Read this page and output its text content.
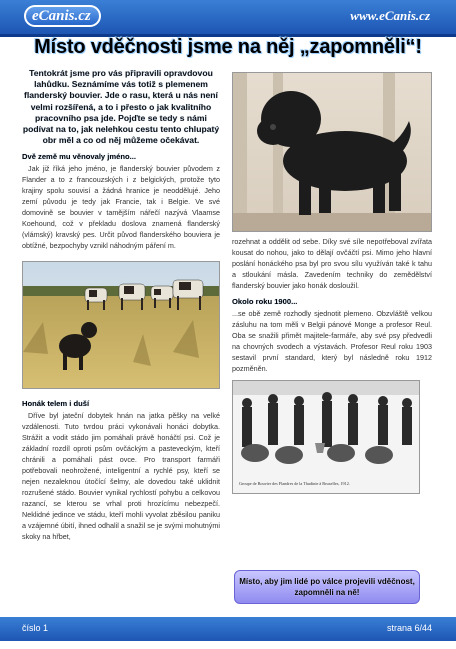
eCanis.cz	www.eCanis.cz
Místo vděčnosti jsme na něj „zapomněli“!
Tentokrát jsme pro vás připravili opravdovou lahůdku. Seznámíme vás totiž s plemenem flanderský bouvier. Jde o rasu, která u nás není velmi rozšířená, a to i přesto o jak kvalitního pracovního psa jde. Pojďte se tedy s námi podívat na to, jak nelehkou cestu tento chlupatý obr měl a co od něj můžeme očekávat.
Dvě země mu věnovaly jméno...

Jak již říká jeho jméno, je flanderský bouvier původem z Flander a to z francouzských i z belgických, protože tyto krajiny spolu souvisí a žádná hranice je neoddělujé. Jeho zemí původu je tedy jak Francie, tak i Belgie. Ve své domovině se bouvier v tamějším nářečí nazývá Vlaamse Koehound, což v překladu doslova znamená flanderský (vlámský) kravský pes. Určit původ flanderského bouviera je obtížné, bezpochyby vznikl náhodným páření m.

Honák telem i duší

Dříve byl jateční dobytek hnán na jatka pěšky na velké vzdálenosti. Tuto tvrdou práci vykonávali honáci dobytka. Strážit a vodit stádo jim pomáhali právě honáčtí psi. Což je základní rozdíl oproti psům ovčáckým a pasteveckým, kteří chránili a pomáhali pást ovce. Pro transport farmáři potřebovali neohrožené, inteligentní a rychlé psy, kteří se nejen nezaleknou útočící šelmy, ale dovedou také uklidnit rozrušené stádo. Bouvier vynikal rychlostí pohybu a celkovou razancí, se kterou se vrhal proti hrozícímu nebezpečí. Neklidné jedince ve stádu, kteří mohli vyvolat zběsilou paniku a vzájemné úbití, ihned odhalil a snažil se je svými mohutnými skoky na hřbet,

rozehnat a oddělit od sebe. Díky své síle nepotřeboval zvířata kousat do nohou, jako to dělají ovčáčtí psi. Mimo jeho hlavní poslání honáckého psa byl pro svou sílu využíván také k tahu a stloukání másla. Zavedením techniky do zemědělství flanderský bouvier jako honák dosloužil.

Okolo roku 1900...

...se obě země rozhodly sjednotit plemeno. Obzvláště velkou zásluhu na tom měli v Belgii pánové Monge a profesor Reul. Oba se snažili přimět majitele-farmáře, aby své psy předvedli na chovných svodech a výstavách. Profesor Reul roku 1903 sestavil první standard, který byl následně roku 1912 pozměněn.

Groupe de Bouvier des Flandres de la Thudinie à Bruxelles, 1912.
Místo, aby jim lidé po válce projevili vděčnost, zapomněli na ně!
číslo 1	strana 6/44
